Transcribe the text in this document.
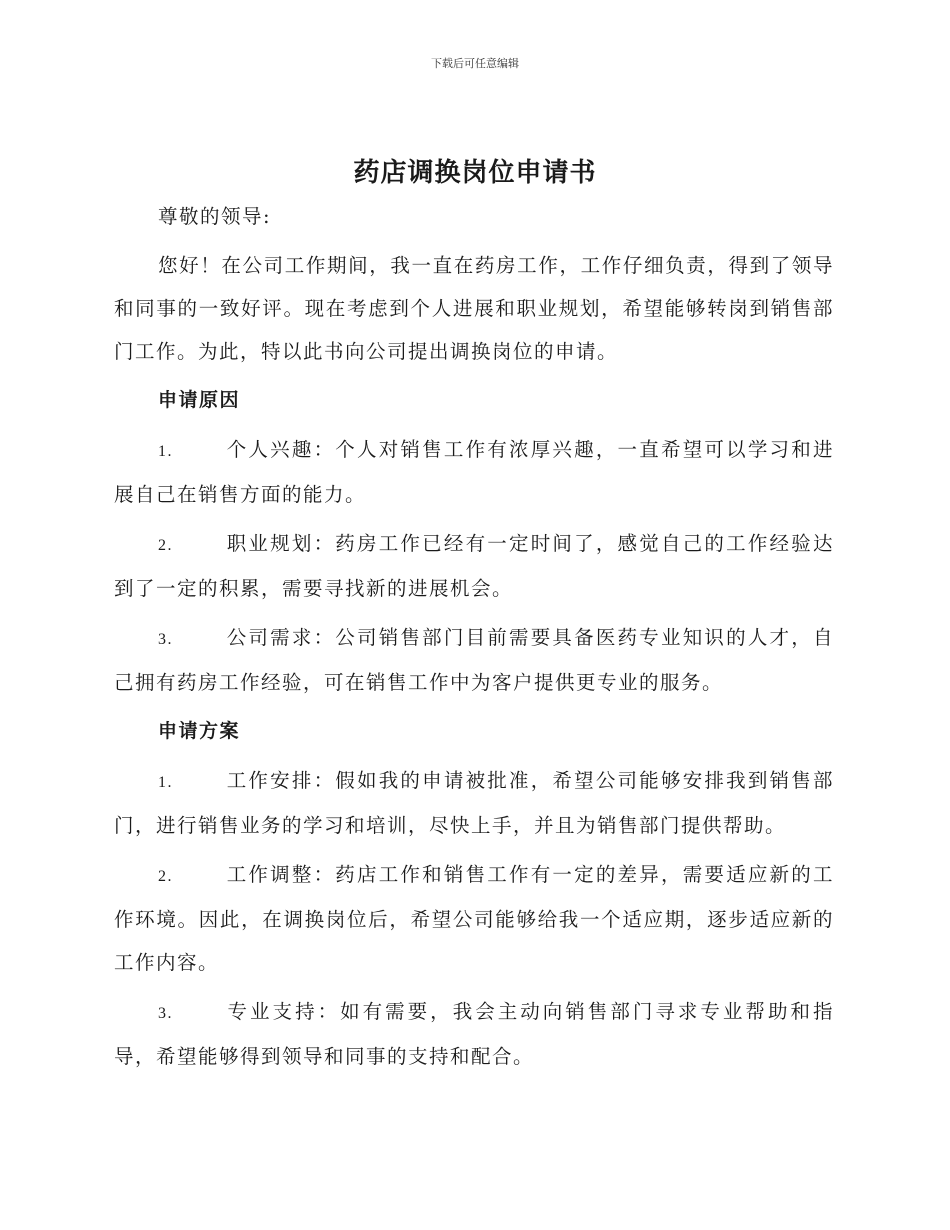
下载后可任意编辑
药店调换岗位申请书

尊敬的领导:

您好！在公司工作期间，我一直在药房工作，工作仔细负责，得到了领导和同事的一致好评。现在考虑到个人进展和职业规划，希望能够转岗到销售部门工作。为此，特以此书向公司提出调换岗位的申请。

申请原因

1.	个人兴趣：个人对销售工作有浓厚兴趣，一直希望可以学习和进展自己在销售方面的能力。

2.	职业规划：药房工作已经有一定时间了，感觉自己的工作经验达到了一定的积累，需要寻找新的进展机会。

3.	公司需求：公司销售部门目前需要具备医药专业知识的人才，自己拥有药房工作经验，可在销售工作中为客户提供更专业的服务。

申请方案

1.	工作安排：假如我的申请被批准，希望公司能够安排我到销售部门，进行销售业务的学习和培训，尽快上手，并且为销售部门提供帮助。

2.	工作调整：药店工作和销售工作有一定的差异，需要适应新的工作环境。因此，在调换岗位后，希望公司能够给我一个适应期，逐步适应新的工作内容。

3.	专业支持：如有需要，我会主动向销售部门寻求专业帮助和指导，希望能够得到领导和同事的支持和配合。
